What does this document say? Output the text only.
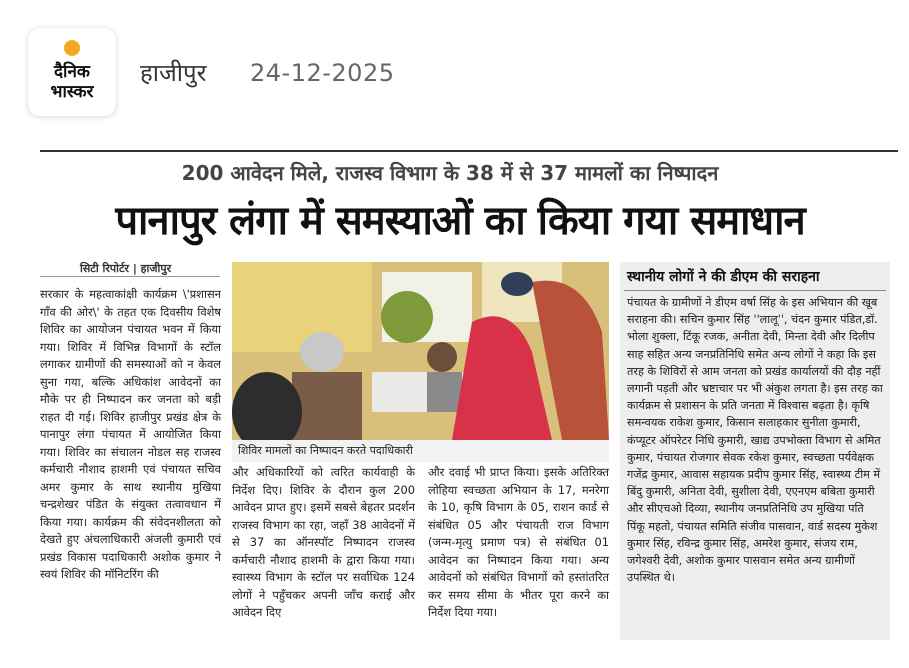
दैनिक
भास्कर
हाजीपुर 24-12-2025
200 आवेदन मिले, राजस्व विभाग के 38 में से 37 मामलों का निष्पादन
पानापुर लंगा में समस्याओं का किया गया समाधान
सिटी रिपोर्टर | हाजीपुर
सरकार के महत्वाकांक्षी कार्यक्रम \'प्रशासन गाँव की ओर\' के तहत एक दिवसीय विशेष शिविर का आयोजन पंचायत भवन में किया गया। शिविर में विभिन्न विभागों के स्टॉल लगाकर ग्रामीणों की समस्याओं को न केवल सुना गया, बल्कि अधिकांश आवेदनों का मौके पर ही निष्पादन कर जनता को बड़ी राहत दी गई। शिविर हाजीपुर प्रखंड क्षेत्र के पानापुर लंगा पंचायत में आयोजित किया गया। शिविर का संचालन नोडल सह राजस्व कर्मचारी नौशाद हाशमी एवं पंचायत सचिव अमर कुमार के साथ स्थानीय मुखिया चन्द्रशेखर पंडित के संयुक्त तत्वावधान में किया गया। कार्यक्रम की संवेदनशीलता को देखते हुए अंचलाधिकारी अंजली कुमारी एवं प्रखंड विकास पदाधिकारी अशोक कुमार ने स्वयं शिविर की मॉनिटरिंग की
शिविर मामलों का निष्पादन करते पदाधिकारी
और अधिकारियों को त्वरित कार्यवाही के निर्देश दिए। शिविर के दौरान कुल 200 आवेदन प्राप्त हुए। इसमें सबसे बेहतर प्रदर्शन राजस्व विभाग का रहा, जहाँ 38 आवेदनों में से 37 का ऑनस्पॉट निष्पादन राजस्व कर्मचारी नौशाद हाशमी के द्वारा किया गया। स्वास्थ्य विभाग के स्टॉल पर सर्वाधिक 124 लोगों ने पहुँचकर अपनी जाँच कराई और आवेदन दिए
और दवाई भी प्राप्त किया। इसके अतिरिक्त लोहिया स्वच्छता अभियान के 17, मनरेगा के 10, कृषि विभाग के 05, राशन कार्ड से संबंधित 05 और पंचायती राज विभाग (जन्म-मृत्यु प्रमाण पत्र) से संबंधित 01 आवेदन का निष्पादन किया गया। अन्य आवेदनों को संबंधित विभागों को हस्तांतरित कर समय सीमा के भीतर पूरा करने का निर्देश दिया गया।
स्थानीय लोगों ने की डीएम की सराहना
पंचायत के ग्रामीणों ने डीएम वर्षा सिंह के इस अभियान की खूब सराहना की। सचिन कुमार सिंह ''लालू'', चंदन कुमार पंडित,डॉ. भोला शुक्ला, टिंकू रजक, अनीता देवी, मिन्ता देवी और दिलीप साह सहित अन्य जनप्रतिनिधि समेत अन्य लोगों ने कहा कि इस तरह के शिविरों से आम जनता को प्रखंड कार्यालयों की दौड़ नहीं लगानी पड़ती और भ्रष्टाचार पर भी अंकुश लगता है। इस तरह का कार्यक्रम से प्रशासन के प्रति जनता में विश्वास बढ़ता है। कृषि समन्वयक राकेश कुमार, किसान सलाहकार सुनीता कुमारी, कंप्यूटर ऑपरेटर निधि कुमारी, खाद्य उपभोक्ता विभाग से अमित कुमार, पंचायत रोजगार सेवक रकेश कुमार, स्वच्छता पर्यवेक्षक गजेंद्र कुमार, आवास सहायक प्रदीप कुमार सिंह, स्वास्थ्य टीम में बिंदु कुमारी, अनिता देवी, सुशीला देवी, एएनएम बबिता कुमारी और सीएचओ दिव्या, स्थानीय जनप्रतिनिधि उप मुखिया पति पिंकू महतो, पंचायत समिति संजीव पासवान, वार्ड सदस्य मुकेश कुमार सिंह, रविन्द्र कुमार सिंह, अमरेश कुमार, संजय राम, जगेश्वरी देवी, अशोक कुमार पासवान समेत अन्य ग्रामीणों उपस्थित थे।
